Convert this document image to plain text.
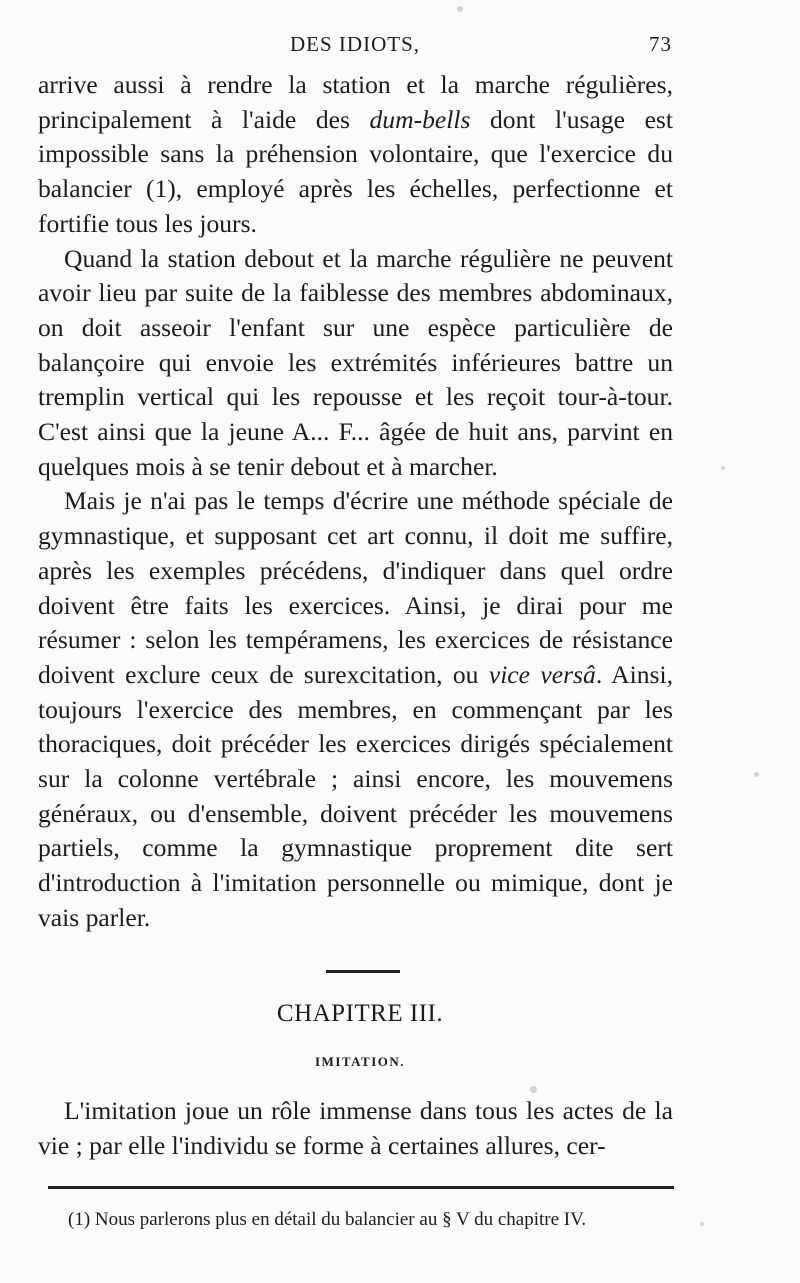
DES IDIOTS,	73

arrive aussi à rendre la station et la marche régulières, principalement à l'aide des dum-bells dont l'usage est impossible sans la préhension volontaire, que l'exercice du balancier (1), employé après les échelles, perfectionne et fortifie tous les jours.

Quand la station debout et la marche régulière ne peuvent avoir lieu par suite de la faiblesse des membres abdominaux, on doit asseoir l'enfant sur une espèce particulière de balançoire qui envoie les extrémités inférieures battre un tremplin vertical qui les repousse et les reçoit tour-à-tour. C'est ainsi que la jeune A... F... âgée de huit ans, parvint en quelques mois à se tenir debout et à marcher.

Mais je n'ai pas le temps d'écrire une méthode spéciale de gymnastique, et supposant cet art connu, il doit me suffire, après les exemples précédens, d'indiquer dans quel ordre doivent être faits les exercices. Ainsi, je dirai pour me résumer : selon les tempéramens, les exercices de résistance doivent exclure ceux de surexcitation, ou vice versâ. Ainsi, toujours l'exercice des membres, en commençant par les thoraciques, doit précéder les exercices dirigés spécialement sur la colonne vertébrale ; ainsi encore, les mouvemens généraux, ou d'ensemble, doivent précéder les mouvemens partiels, comme la gymnastique proprement dite sert d'introduction à l'imitation personnelle ou mimique, dont je vais parler.

CHAPITRE III.
IMITATION.

L'imitation joue un rôle immense dans tous les actes de la vie ; par elle l'individu se forme à certaines allures, cer-

(1) Nous parlerons plus en détail du balancier au § V du chapitre IV.
